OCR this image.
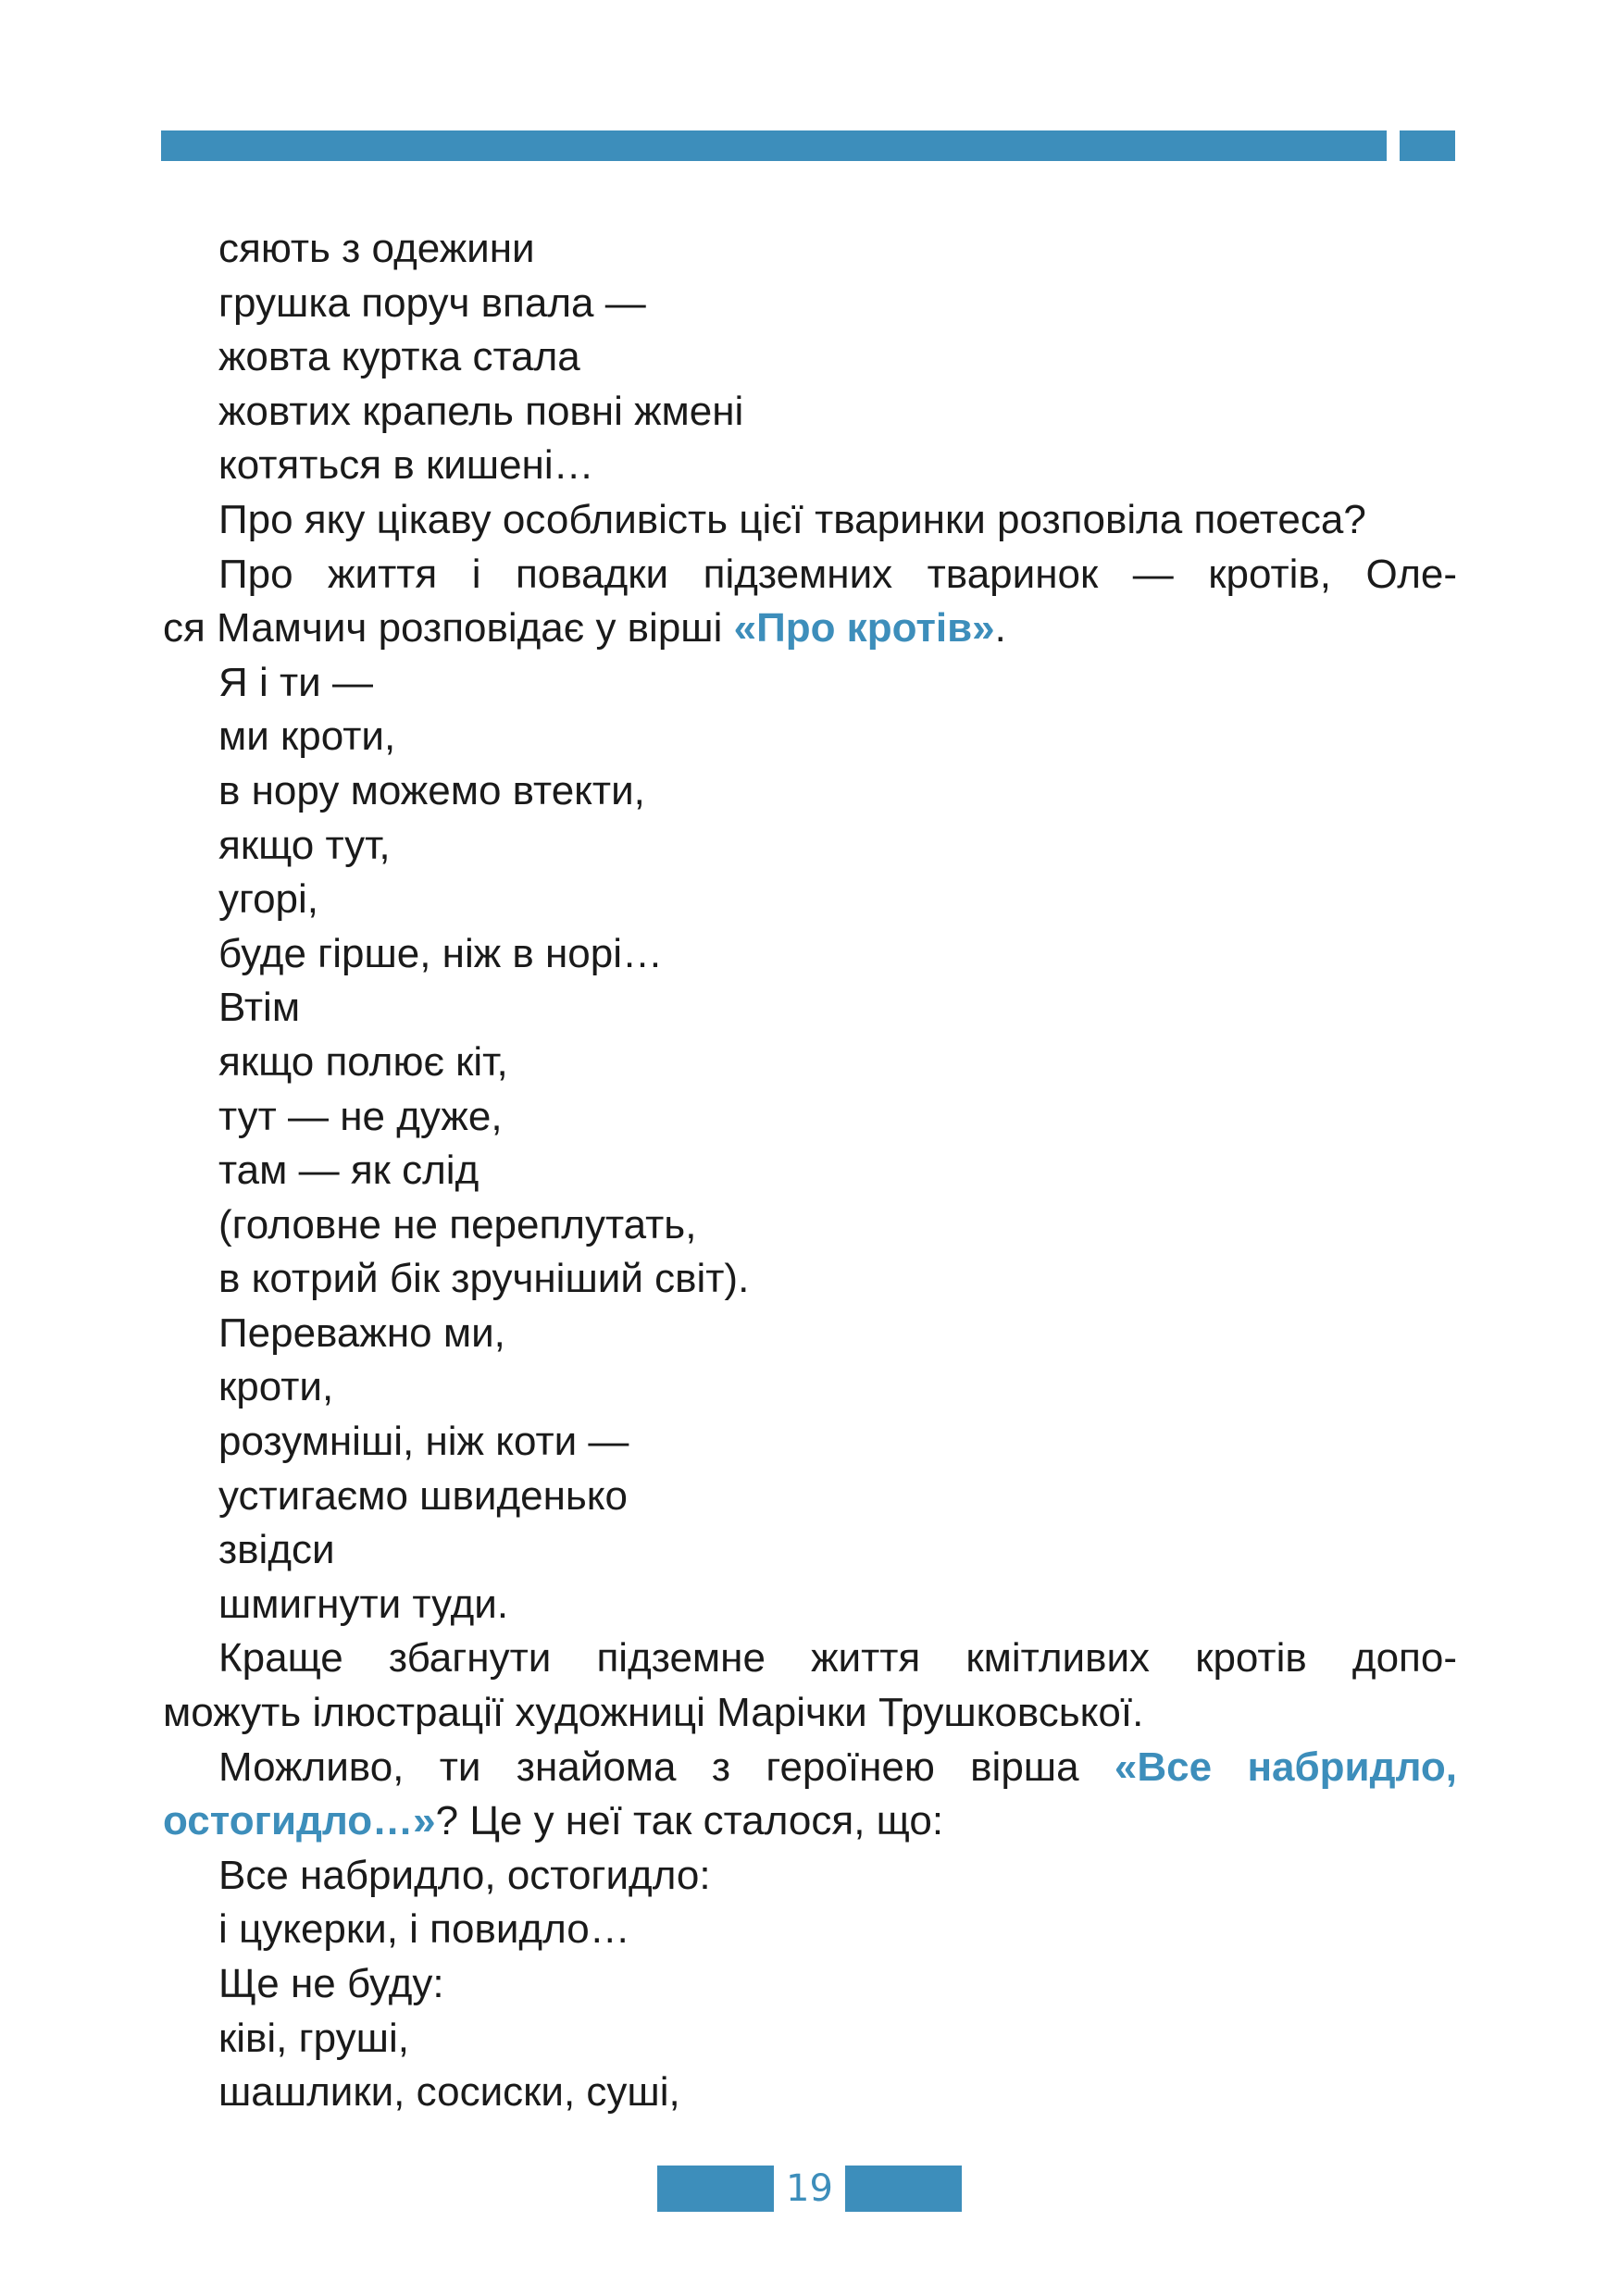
сяють з одежини
грушка поруч впала —
жовта куртка стала
жовтих крапель повні жмені
котяться в кишені…
Про яку цікаву особливість цієї тваринки розповіла поетеса?
Про життя і повадки підземних тваринок — кротів, Оле-
ся Мамчич розповідає у вірші «Про кротів».
Я і ти —
ми кроти,
в нору можемо втекти,
якщо тут,
угорі,
буде гірше, ніж в норі…
Втім
якщо полює кіт,
тут — не дуже,
там — як слід
(головне не переплутать,
в котрий бік зручніший світ).
Переважно ми,
кроти,
розумніші, ніж коти —
устигаємо швиденько
звідси
шмигнути туди.
Краще збагнути підземне життя кмітливих кротів допо-
можуть ілюстрації художниці Марічки Трушковської.
Можливо, ти знайома з героїнею вірша «Все набридло,
остогидло…»? Це у неї так сталося, що:
Все набридло, остогидло:
і цукерки, і повидло…
Ще не буду:
ківі, груші,
шашлики, сосиски, суші,
19
